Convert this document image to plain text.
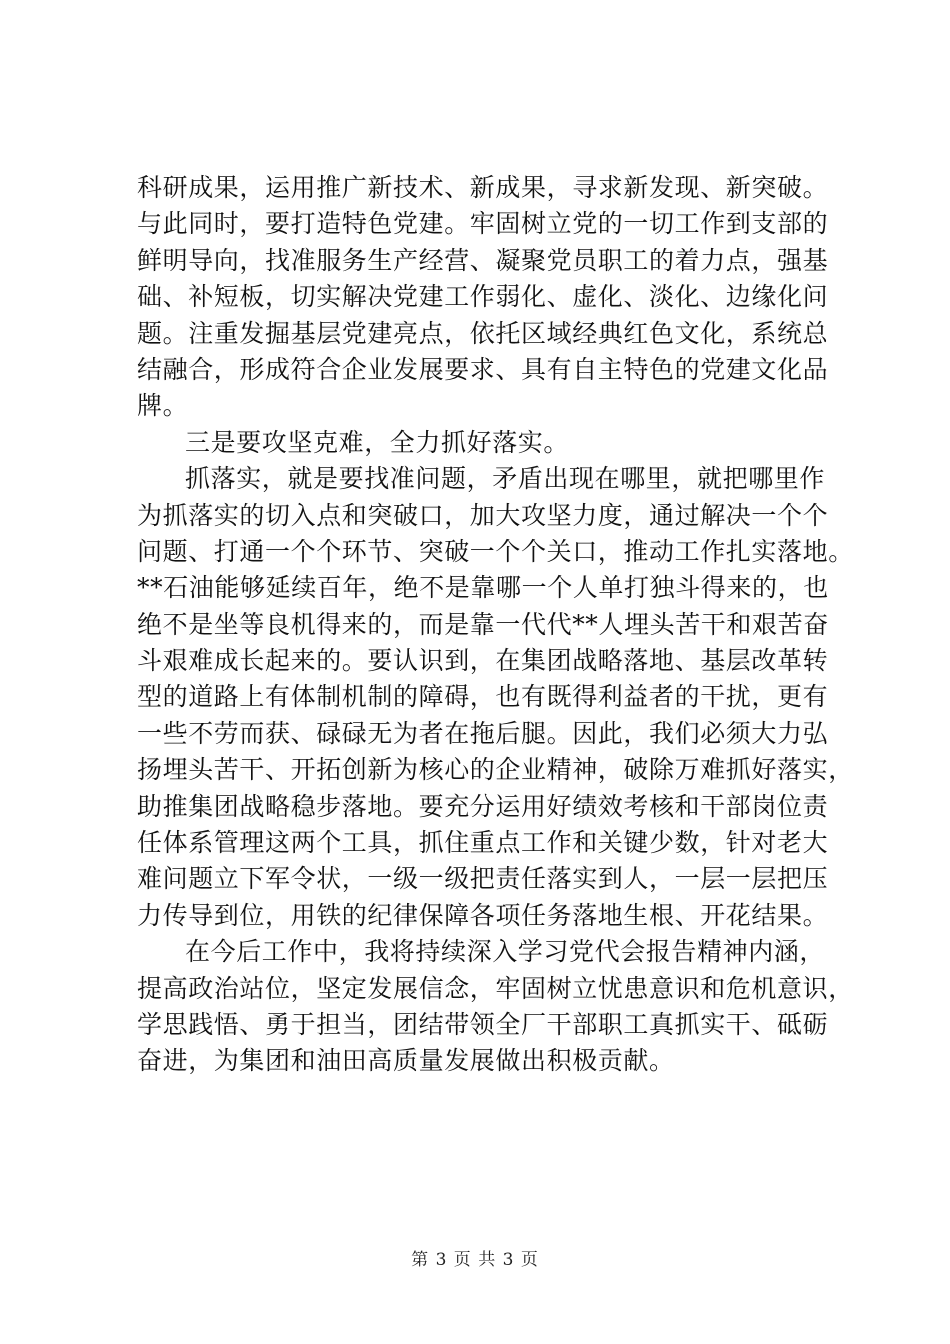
科研成果，运用推广新技术、新成果，寻求新发现、新突破。
与此同时，要打造特色党建。牢固树立党的一切工作到支部的
鲜明导向，找准服务生产经营、凝聚党员职工的着力点，强基
础、补短板，切实解决党建工作弱化、虚化、淡化、边缘化问
题。注重发掘基层党建亮点，依托区域经典红色文化，系统总
结融合，形成符合企业发展要求、具有自主特色的党建文化品
牌。
三是要攻坚克难，全力抓好落实。
抓落实，就是要找准问题，矛盾出现在哪里，就把哪里作
为抓落实的切入点和突破口，加大攻坚力度，通过解决一个个
问题、打通一个个环节、突破一个个关口，推动工作扎实落地。
**石油能够延续百年，绝不是靠哪一个人单打独斗得来的，也
绝不是坐等良机得来的，而是靠一代代**人埋头苦干和艰苦奋
斗艰难成长起来的。要认识到，在集团战略落地、基层改革转
型的道路上有体制机制的障碍，也有既得利益者的干扰，更有
一些不劳而获、碌碌无为者在拖后腿。因此，我们必须大力弘
扬埋头苦干、开拓创新为核心的企业精神，破除万难抓好落实，
助推集团战略稳步落地。要充分运用好绩效考核和干部岗位责
任体系管理这两个工具，抓住重点工作和关键少数，针对老大
难问题立下军令状，一级一级把责任落实到人，一层一层把压
力传导到位，用铁的纪律保障各项任务落地生根、开花结果。
在今后工作中，我将持续深入学习党代会报告精神内涵，
提高政治站位，坚定发展信念，牢固树立忧患意识和危机意识，
学思践悟、勇于担当，团结带领全厂干部职工真抓实干、砥砺
奋进，为集团和油田高质量发展做出积极贡献。
第 3 页 共 3 页
